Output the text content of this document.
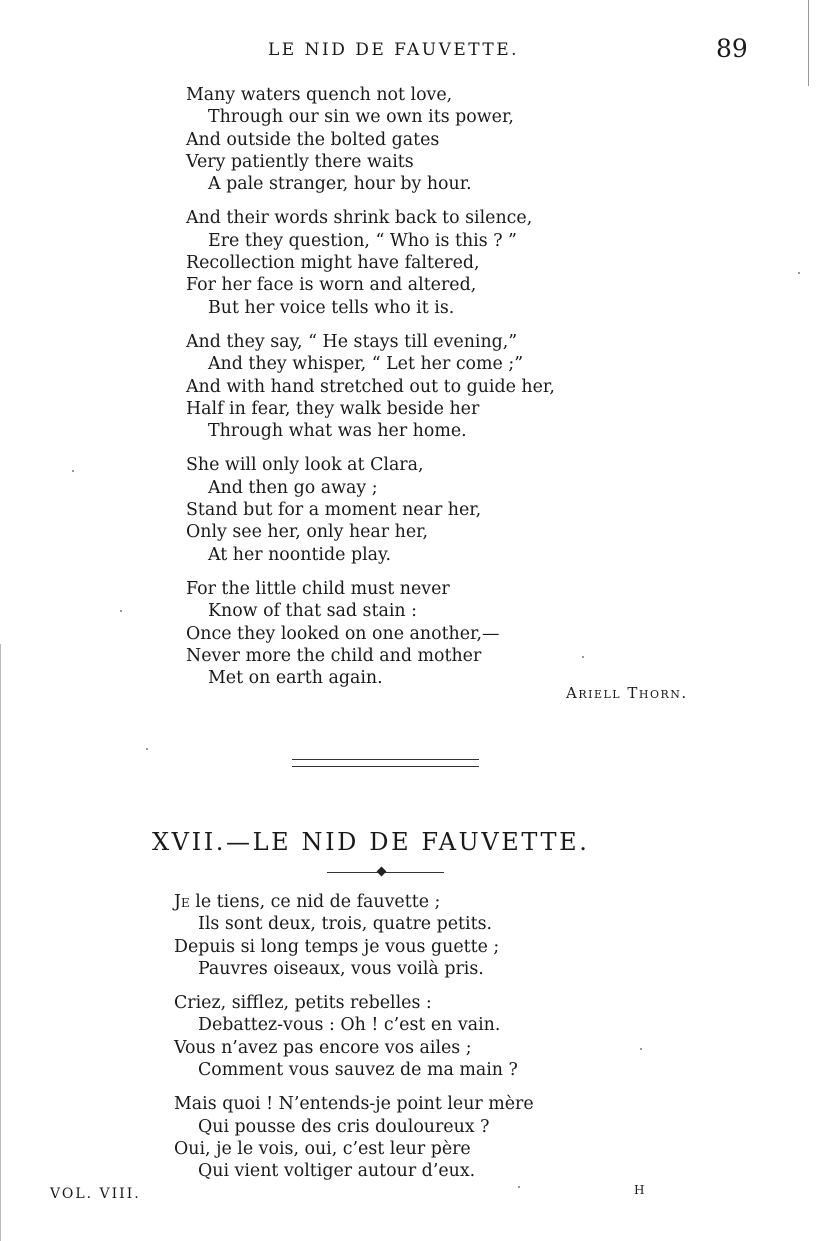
LE NID DE FAUVETTE.	89
Many waters quench not love,
Through our sin we own its power,
And outside the bolted gates
Very patiently there waits
A pale stranger, hour by hour.
And their words shrink back to silence,
Ere they question, “ Who is this ? ”
Recollection might have faltered,
For her face is worn and altered,
But her voice tells who it is.
And they say, “ He stays till evening,”
And they whisper, “ Let her come ;”
And with hand stretched out to guide her,
Half in fear, they walk beside her
Through what was her home.
She will only look at Clara,
And then go away ;
Stand but for a moment near her,
Only see her, only hear her,
At her noontide play.
For the little child must never
Know of that sad stain :
Once they looked on one another,—
Never more the child and mother
Met on earth again.
Ariell Thorn.
XVII.—LE NID DE FAUVETTE.
Je le tiens, ce nid de fauvette ;
Ils sont deux, trois, quatre petits.
Depuis si long temps je vous guette ;
Pauvres oiseaux, vous voilà pris.
Criez, sifflez, petits rebelles :
Debattez-vous : Oh ! c’est en vain.
Vous n’avez pas encore vos ailes ;
Comment vous sauvez de ma main ?
Mais quoi ! N’entends-je point leur mère
Qui pousse des cris douloureux ?
Oui, je le vois, oui, c’est leur père
Qui vient voltiger autour d’eux.
VOL. VIII.	H
